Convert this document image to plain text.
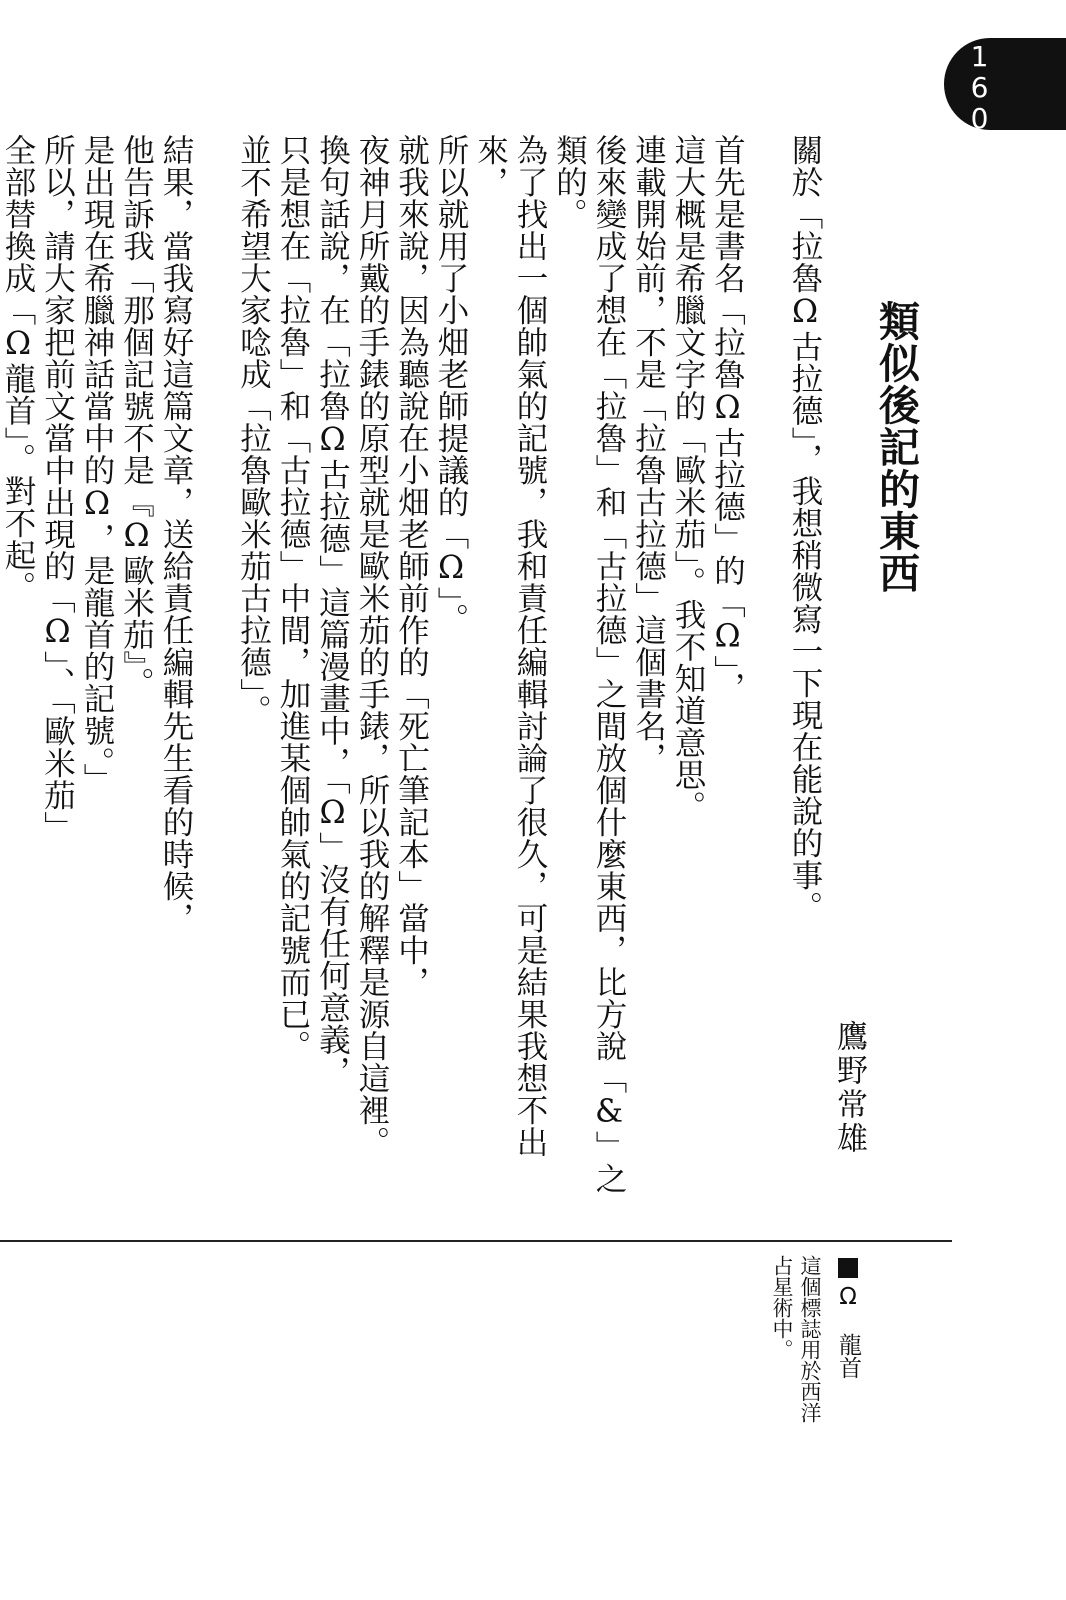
160
類似後記的東西
鷹野常雄
關於「拉魯Ω古拉德」，我想稍微寫一下現在能說的事。
首先是書名「拉魯Ω古拉德」的「Ω」，
這大概是希臘文字的「歐米茄」。我不知道意思。
連載開始前，不是「拉魯古拉德」這個書名，
後來變成了想在「拉魯」和「古拉德」之間放個什麼東西，比方說「&」之類的。
為了找出一個帥氣的記號，我和責任編輯討論了很久，可是結果我想不出來，
所以就用了小畑老師提議的「Ω」。
就我來說，因為聽說在小畑老師前作的「死亡筆記本」當中，
夜神月所戴的手錶的原型就是歐米茄的手錶，所以我的解釋是源自這裡。
換句話說，在「拉魯Ω古拉德」這篇漫畫中，「Ω」沒有任何意義，
只是想在「拉魯」和「古拉德」中間，加進某個帥氣的記號而已。
並不希望大家唸成「拉魯歐米茄古拉德」。
結果，當我寫好這篇文章，送給責任編輯先生看的時候，
他告訴我「那個記號不是『Ω歐米茄』。
是出現在希臘神話當中的Ω，是龍首的記號。」
所以，請大家把前文當中出現的「Ω」、「歐米茄」
全部替換成「Ω龍首」。對不起。
Ω　龍首
這個標誌用於西洋
占星術中。
